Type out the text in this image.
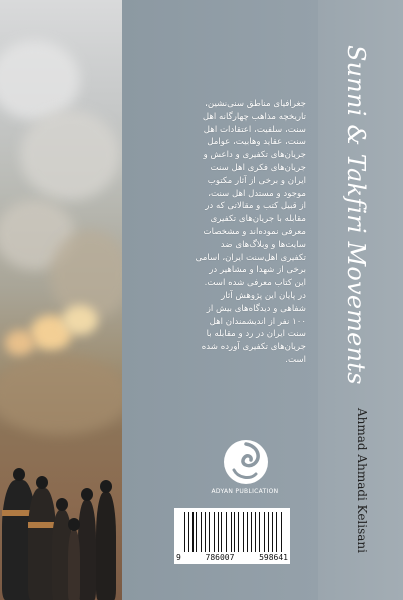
جغرافیای مناطق سنی‌نشین،
تاریخچه مذاهب چهارگانه اهل
سنت، سلفیت، اعتقادات اهل
سنت، عقاید وهابیت، عوامل
جریان‌های تکفیری و داعش و
جریان‌های فکری اهل سنت
ایران و برخی از آثار مکتوب
موجود و مستدل اهل سنت،
از قبیل کتب و مقالاتی که در
مقابله با جریان‌های تکفیری
معرفی نموده‌اند و مشخصات
سایت‌ها و وبلاگ‌های ضد
تکفیری اهل‌سنت ایران، اسامی
برخی از شهدا و مشاهیر در
این کتاب معرفی شده است.
در پایان این پژوهش آثار
شفاهی و دیدگاه‌های بیش از
۱۰۰ نفر از اندیشمندان اهل
سنت ایران در رد و مقابله با
جریان‌های تکفیری آورده شده
است. Sunni & Takfiri Movements
Ahmad Ahmadi Kelisani
ADYAN PUBLICATION
9	786007	598641
